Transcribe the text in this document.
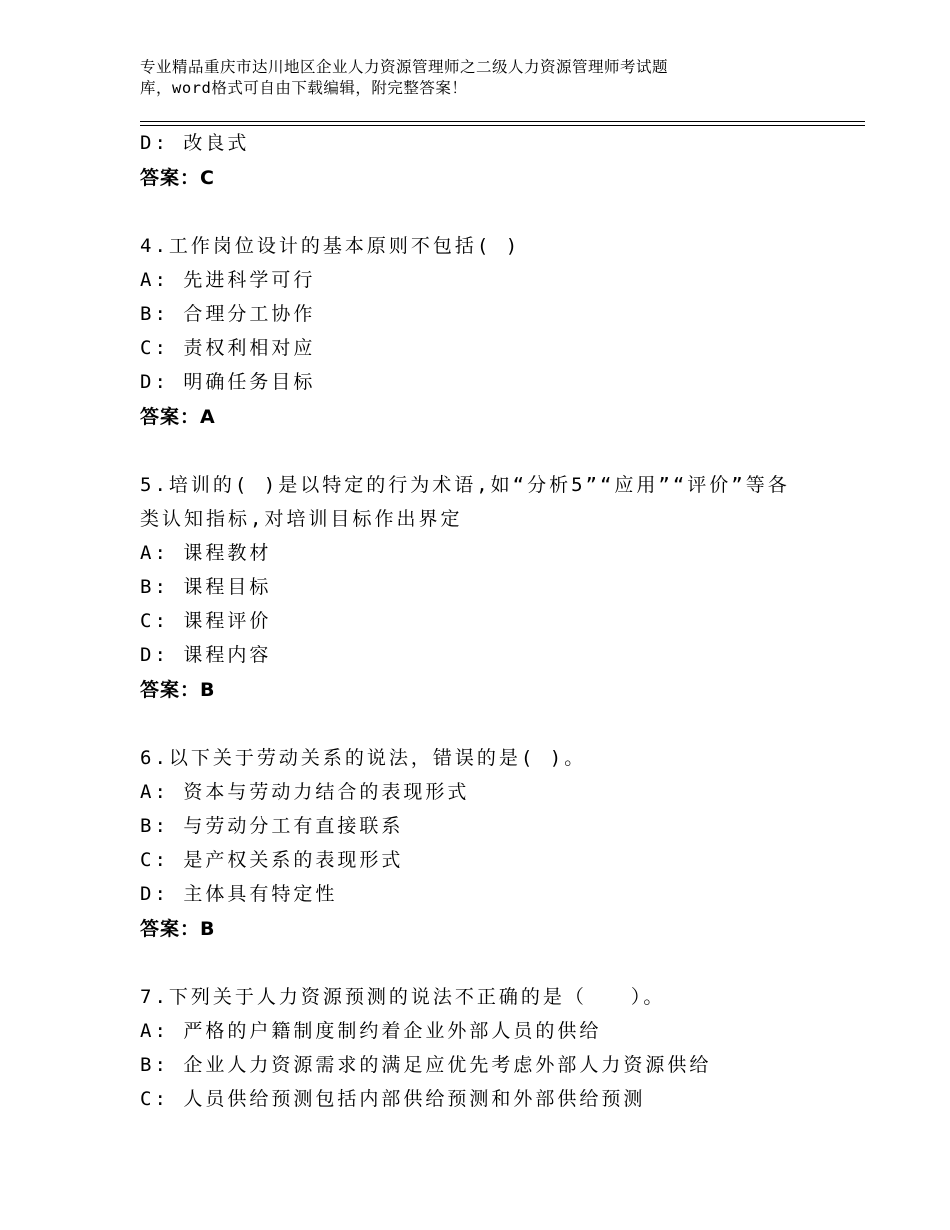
专业精品重庆市达川地区企业人力资源管理师之二级人力资源管理师考试题
库，word格式可自由下载编辑，附完整答案！
D: 改良式
答案：C
4.工作岗位设计的基本原则不包括( )
A: 先进科学可行
B: 合理分工协作
C: 责权利相对应
D: 明确任务目标
答案：A
5.培训的( )是以特定的行为术语,如“分析5”“应用”“评价”等各
类认知指标,对培训目标作出界定
A: 课程教材
B: 课程目标
C: 课程评价
D: 课程内容
答案：B
6.以下关于劳动关系的说法，错误的是( )。
A: 资本与劳动力结合的表现形式
B: 与劳动分工有直接联系
C: 是产权关系的表现形式
D: 主体具有特定性
答案：B
7.下列关于人力资源预测的说法不正确的是（　　）。
A: 严格的户籍制度制约着企业外部人员的供给
B: 企业人力资源需求的满足应优先考虑外部人力资源供给
C: 人员供给预测包括内部供给预测和外部供给预测
